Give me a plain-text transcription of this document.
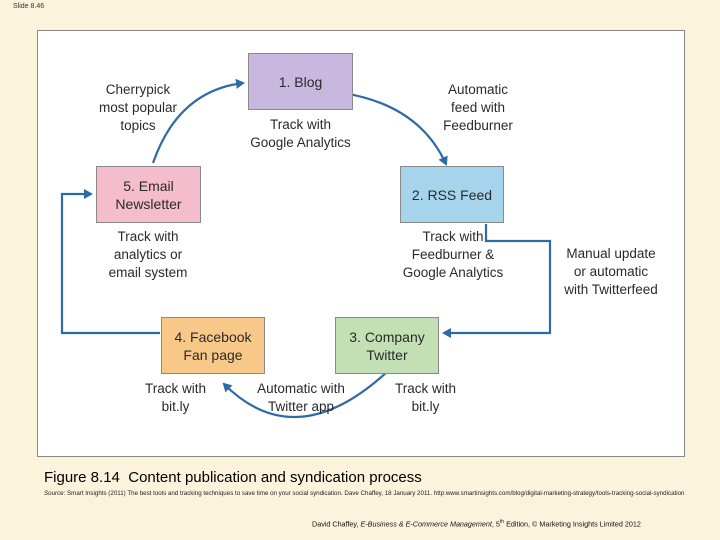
Slide 8.46
1. Blog
2. RSS Feed
3. Company
Twitter
4. Facebook
Fan page
5. Email
Newsletter
Cherrypick
most popular
topics	Track with
Google Analytics
Automatic
feed with
Feedburner
Track with
analytics or
email system
Track with
Feedburner &
Google Analytics
Manual update
or automatic
with Twitterfeed
Track with
bit.ly
Automatic with
Twitter app
Track with
bit.ly
Figure 8.14 Content publication and syndication process
Source: Smart Insights (2011) The best tools and tracking techniques to save time on your social syndication. Dave Chaffey, 18 January 2011. http:www.smartinsights.com/blog/digital-marketing-strategy/tools-tracking-social-syndication
David Chaffey, E-Business & E-Commerce Management, 5th Edition, © Marketing Insights Limited 2012
